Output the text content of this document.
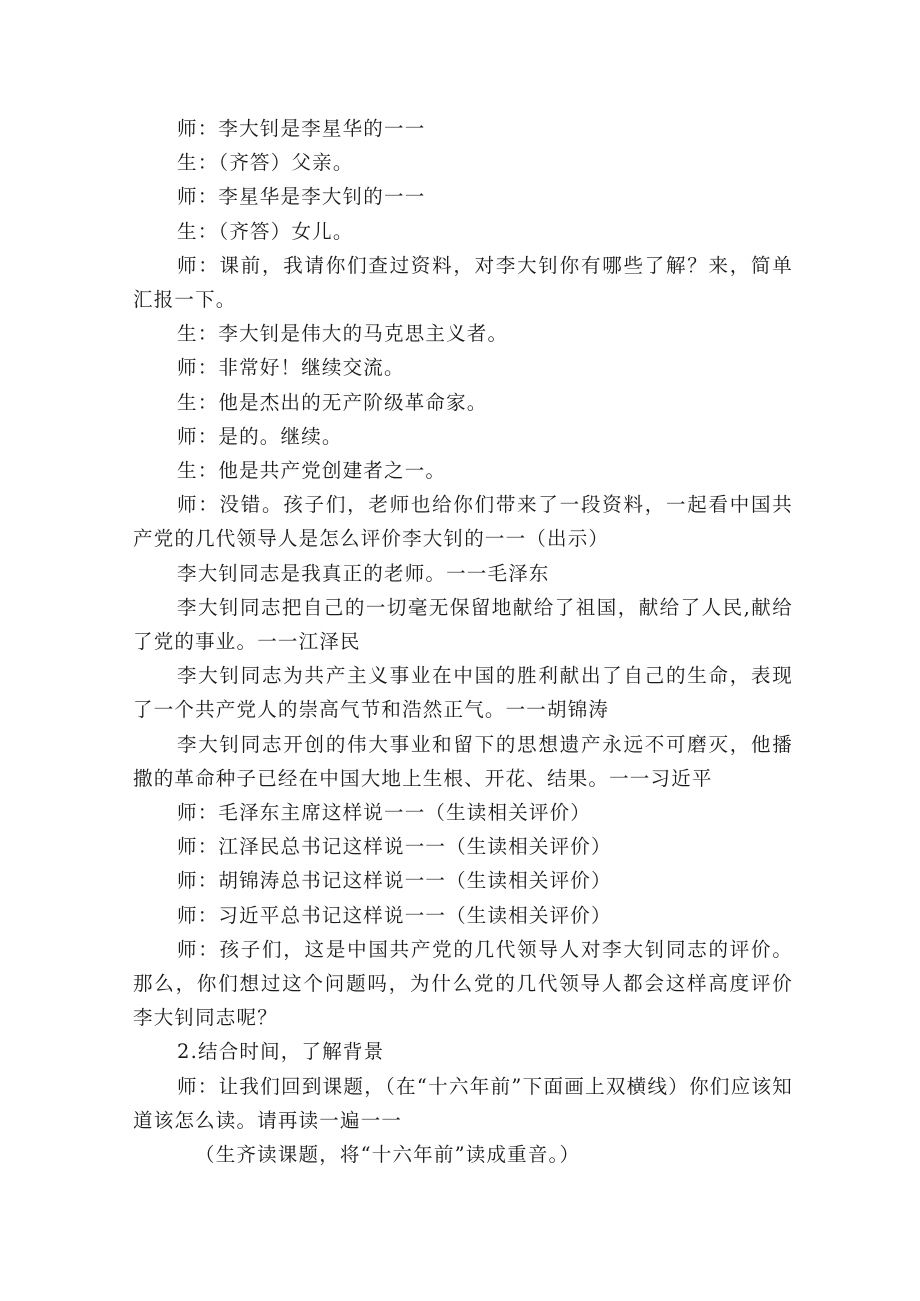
师：李大钊是李星华的一一

生：（齐答）父亲。

师：李星华是李大钊的一一

生：（齐答）女儿。

师：课前，我请你们查过资料，对李大钊你有哪些了解？来，简单汇报一下。

生：李大钊是伟大的马克思主义者。

师：非常好！继续交流。

生：他是杰出的无产阶级革命家。

师：是的。继续。

生：他是共产党创建者之一。

师：没错。孩子们，老师也给你们带来了一段资料，一起看中国共产党的几代领导人是怎么评价李大钊的一一（出示）

李大钊同志是我真正的老师。一一毛泽东

李大钊同志把自己的一切毫无保留地献给了祖国，献给了人民,献给了党的事业。一一江泽民

李大钊同志为共产主义事业在中国的胜利献出了自己的生命，表现了一个共产党人的崇高气节和浩然正气。一一胡锦涛

李大钊同志开创的伟大事业和留下的思想遗产永远不可磨灭，他播撒的革命种子已经在中国大地上生根、开花、结果。一一习近平

师：毛泽东主席这样说一一（生读相关评价）

师：江泽民总书记这样说一一（生读相关评价）

师：胡锦涛总书记这样说一一（生读相关评价）

师：习近平总书记这样说一一（生读相关评价）

师：孩子们，这是中国共产党的几代领导人对李大钊同志的评价。那么，你们想过这个问题吗，为什么党的几代领导人都会这样高度评价李大钊同志呢？

2.结合时间，了解背景

师：让我们回到课题，（在“十六年前”下面画上双横线）你们应该知道该怎么读。请再读一遍一一

（生齐读课题，将“十六年前”读成重音。）
